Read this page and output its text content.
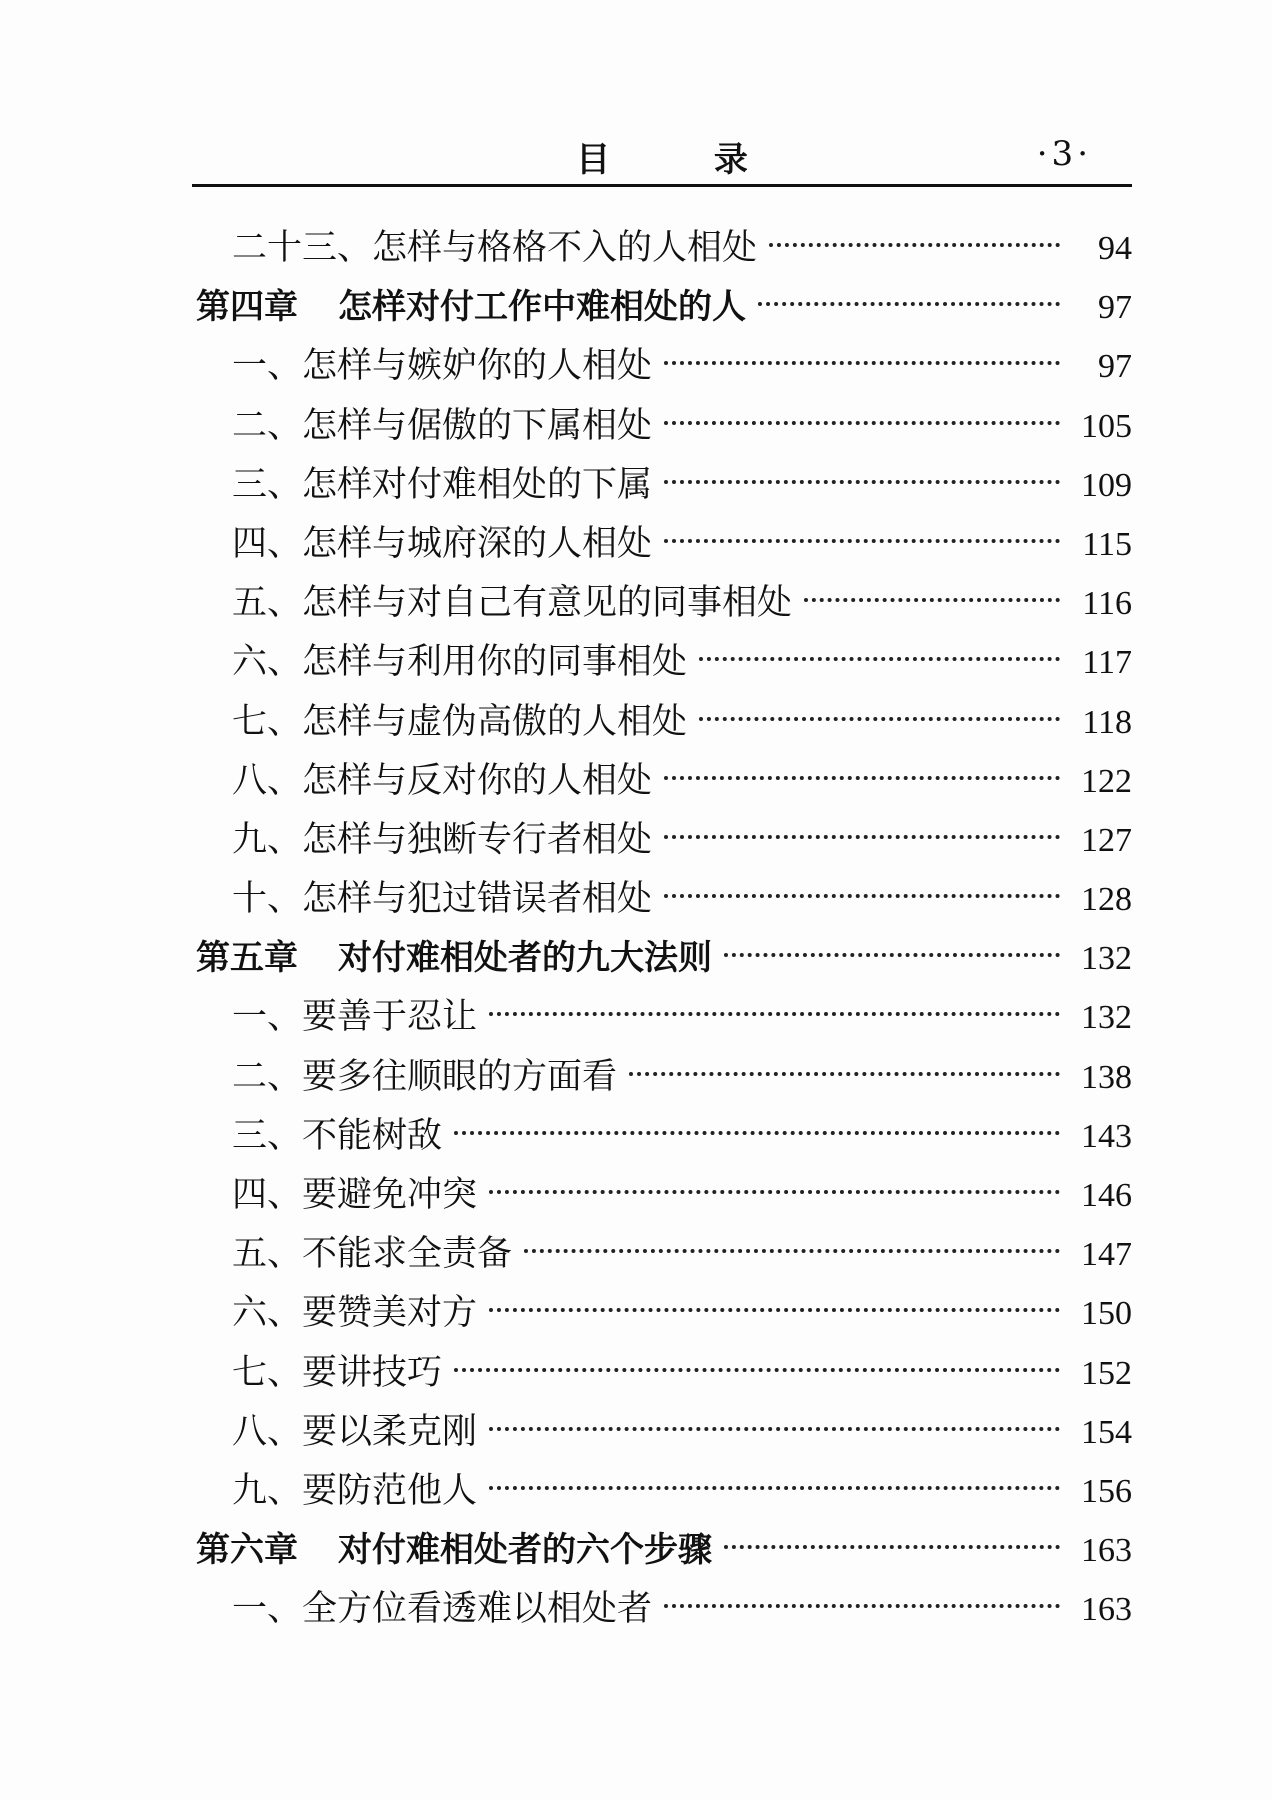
目 录	·3·
二十三、怎样与格格不入的人相处	94
第四章 怎样对付工作中难相处的人	97
一、怎样与嫉妒你的人相处	97
二、怎样与倨傲的下属相处	105
三、怎样对付难相处的下属	109
四、怎样与城府深的人相处	115
五、怎样与对自己有意见的同事相处	116
六、怎样与利用你的同事相处	117
七、怎样与虚伪高傲的人相处	118
八、怎样与反对你的人相处	122
九、怎样与独断专行者相处	127
十、怎样与犯过错误者相处	128
第五章 对付难相处者的九大法则	132
一、要善于忍让	132
二、要多往顺眼的方面看	138
三、不能树敌	143
四、要避免冲突	146
五、不能求全责备	147
六、要赞美对方	150
七、要讲技巧	152
八、要以柔克刚	154
九、要防范他人	156
第六章 对付难相处者的六个步骤	163
一、全方位看透难以相处者	163
